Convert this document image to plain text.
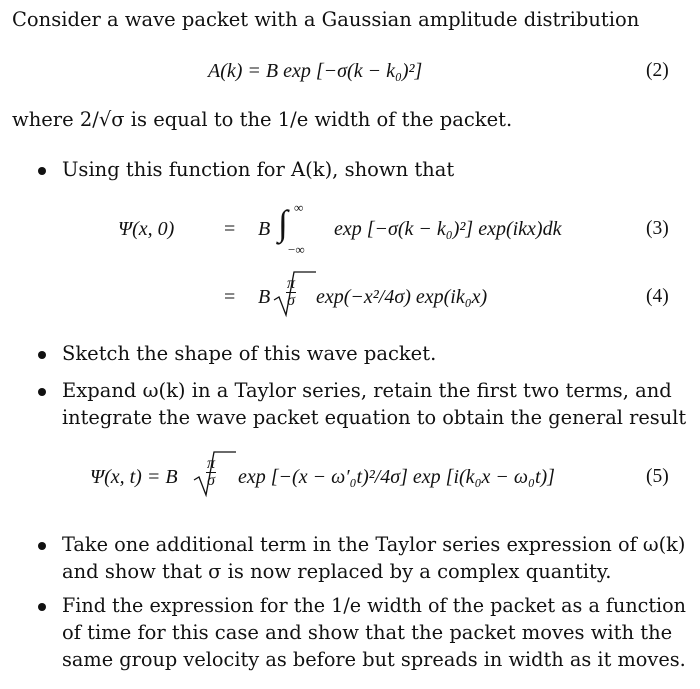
Consider a wave packet with a Gaussian amplitude distribution
A(k) = B exp [−σ(k − k₀)²]	(2)
where 2/√σ is equal to the 1/e width of the packet.
Using this function for A(k), shown that
Ψ(x, 0) = B ∫ ∞
−∞
exp [−σ(k − k₀)²] exp(ikx)dk	(3)
= B $\frac{\pi}{\sigma} \exp(-x^2/4\sigma)$ exp(ik₀x)	(4)
Sketch the shape of this wave packet.
Expand ω(k) in a Taylor series, retain the first two terms, and
integrate the wave packet equation to obtain the general result
Ψ(x, t) = B $\frac{\pi}{\sigma}$ exp [−(x − ω′₀t)²/4σ] exp [i(k₀x − ω₀t)]	(5)
Take one additional term in the Taylor series expression of ω(k)
and show that σ is now replaced by a complex quantity.
Find the expression for the 1/e width of the packet as a function
of time for this case and show that the packet moves with the
same group velocity as before but spreads in width as it moves.
